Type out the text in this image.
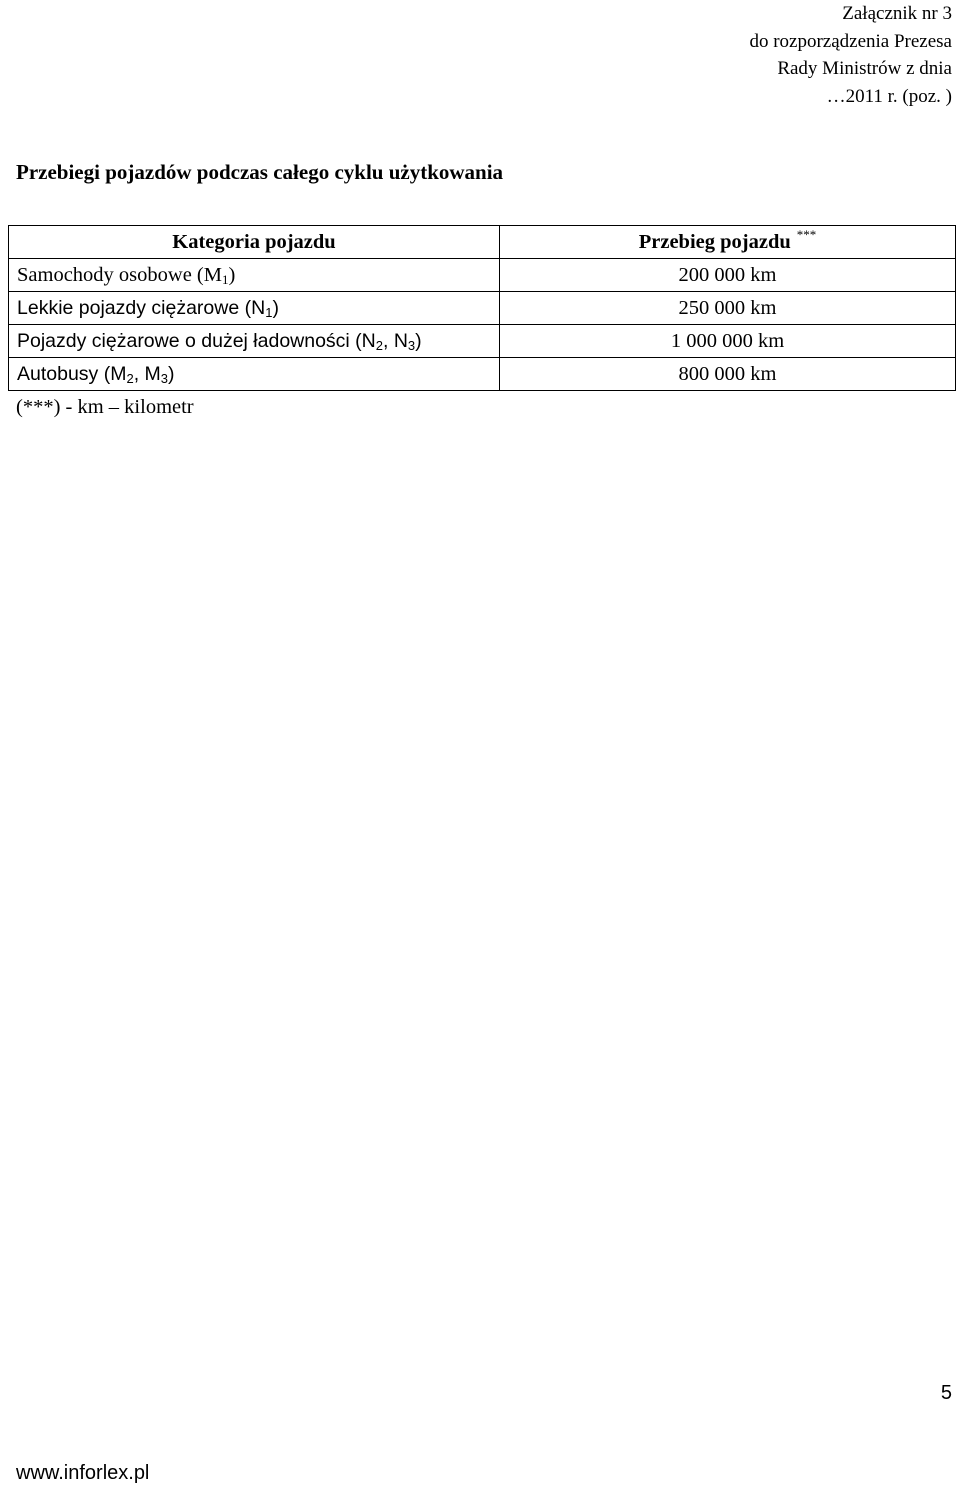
Załącznik nr 3
do rozporządzenia Prezesa
Rady Ministrów z dnia
…2011 r. (poz. )
Przebiegi pojazdów podczas całego cyklu użytkowania
Kategoria pojazdu	Przebieg pojazdu ***
Samochody osobowe $(M_1)$	200 000 km
Lekkie pojazdy ciężarowe $(N_1)$	250 000 km
Pojazdy ciężarowe o dużej ładowności ($N_2$, $N_3$)	1 000 000 km
Autobusy ($M_2$, $M_3$)	800 000 km
(***) - km – kilometr
5
www.inforlex.pl
